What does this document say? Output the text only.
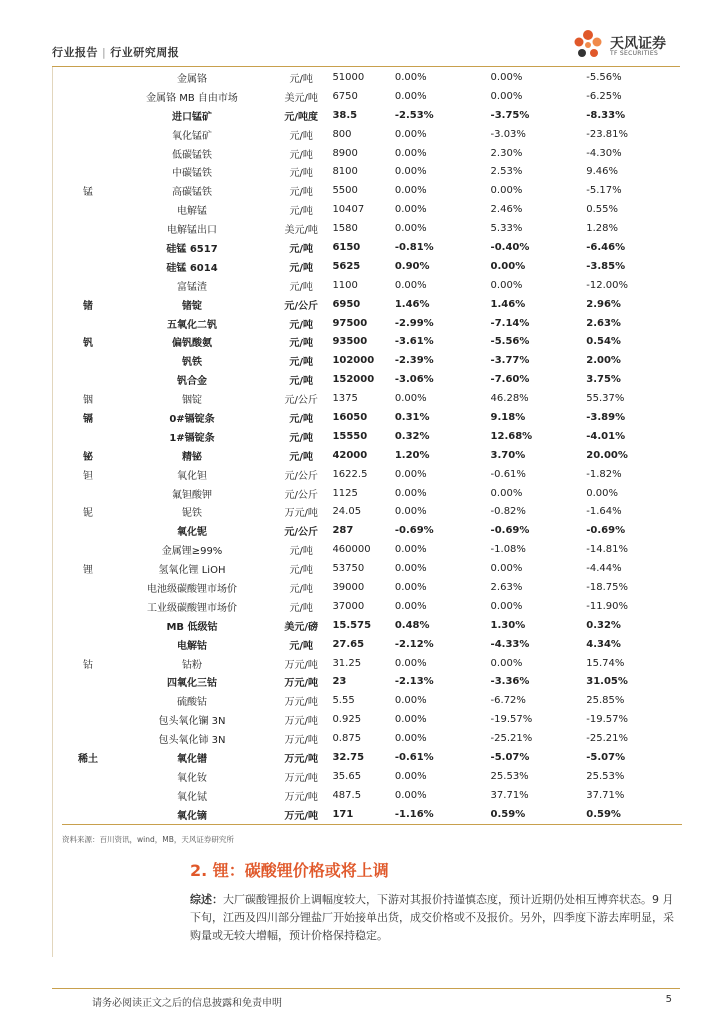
行业报告 | 行业研究周报
天风证券
TF SECURITIES
	金属铬	元/吨	51000	0.00%	0.00%	-5.56%
	金属铬 MB 自由市场	美元/吨	6750	0.00%	0.00%	-6.25%
	进口锰矿	元/吨度	38.5	-2.53%	-3.75%	-8.33%
	氧化锰矿	元/吨	800	0.00%	-3.03%	-23.81%
	低碳锰铁	元/吨	8900	0.00%	2.30%	-4.30%
	中碳锰铁	元/吨	8100	0.00%	2.53%	9.46%
锰	高碳锰铁	元/吨	5500	0.00%	0.00%	-5.17%
	电解锰	元/吨	10407	0.00%	2.46%	0.55%
	电解锰出口	美元/吨	1580	0.00%	5.33%	1.28%
	硅锰 6517	元/吨	6150	-0.81%	-0.40%	-6.46%
	硅锰 6014	元/吨	5625	0.90%	0.00%	-3.85%
	富锰渣	元/吨	1100	0.00%	0.00%	-12.00%
锗	锗锭	元/公斤	6950	1.46%	1.46%	2.96%
	五氧化二钒	元/吨	97500	-2.99%	-7.14%	2.63%
钒	偏钒酸氨	元/吨	93500	-3.61%	-5.56%	0.54%
	钒铁	元/吨	102000	-2.39%	-3.77%	2.00%
	钒合金	元/吨	152000	-3.06%	-7.60%	3.75%
铟	铟锭	元/公斤	1375	0.00%	46.28%	55.37%
镉	0#镉锭条	元/吨	16050	0.31%	9.18%	-3.89%
	1#镉锭条	元/吨	15550	0.32%	12.68%	-4.01%
铋	精铋	元/吨	42000	1.20%	3.70%	20.00%
钽	氧化钽	元/公斤	1622.5	0.00%	-0.61%	-1.82%
	氟钽酸钾	元/公斤	1125	0.00%	0.00%	0.00%
铌	铌铁	万元/吨	24.05	0.00%	-0.82%	-1.64%
	氧化铌	元/公斤	287	-0.69%	-0.69%	-0.69%
	金属锂≥99%	元/吨	460000	0.00%	-1.08%	-14.81%
锂	氢氧化锂 LiOH	元/吨	53750	0.00%	0.00%	-4.44%
	电池级碳酸锂市场价	元/吨	39000	0.00%	2.63%	-18.75%
	工业级碳酸锂市场价	元/吨	37000	0.00%	0.00%	-11.90%
	MB 低级钴	美元/磅	15.575	0.48%	1.30%	0.32%
	电解钴	元/吨	27.65	-2.12%	-4.33%	4.34%
钴	钴粉	万元/吨	31.25	0.00%	0.00%	15.74%
	四氧化三钴	万元/吨	23	-2.13%	-3.36%	31.05%
	硫酸钴	万元/吨	5.55	0.00%	-6.72%	25.85%
	包头氧化镧 3N	万元/吨	0.925	0.00%	-19.57%	-19.57%
	包头氧化铈 3N	万元/吨	0.875	0.00%	-25.21%	-25.21%
稀土	氧化镨	万元/吨	32.75	-0.61%	-5.07%	-5.07%
	氧化钕	万元/吨	35.65	0.00%	25.53%	25.53%
	氧化铽	万元/吨	487.5	0.00%	37.71%	37.71%
	氧化镝	万元/吨	171	-1.16%	0.59%	0.59%
资料来源：百川资讯，wind，MB，天风证券研究所
2. 锂：碳酸锂价格或将上调
综述：大厂碳酸锂报价上调幅度较大，下游对其报价持谨慎态度，预计近期仍处相互博弈状态。9 月下旬，江西及四川部分锂盐厂开始接单出货，成交价格或不及报价。另外，四季度下游去库明显，采购量或无较大增幅，预计价格保持稳定。
请务必阅读正文之后的信息披露和免责申明	5
